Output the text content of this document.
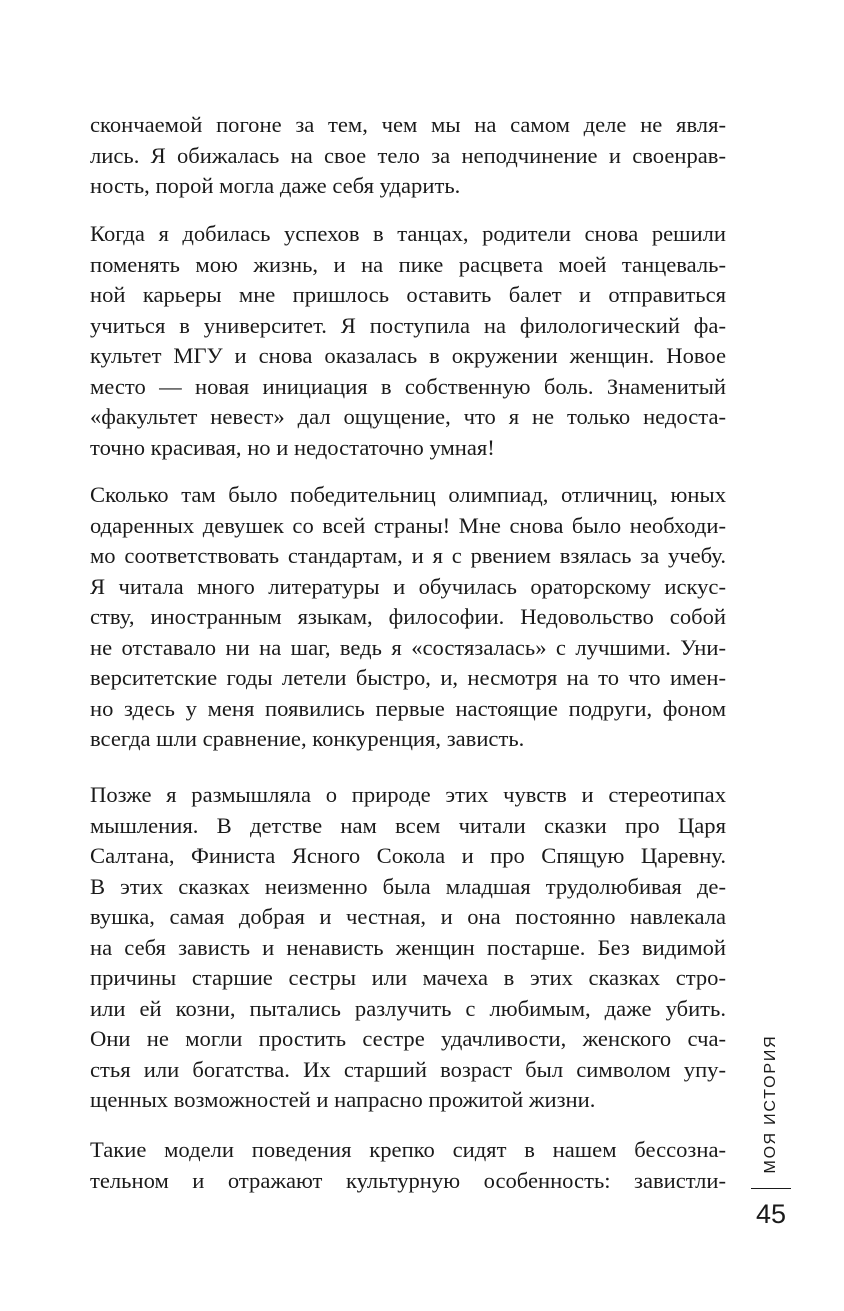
скончаемой погоне за тем, чем мы на самом деле не явля-
лись. Я обижалась на свое тело за неподчинение и своенрав-
ность, порой могла даже себя ударить.
Когда я добилась успехов в танцах, родители снова решили
поменять мою жизнь, и на пике расцвета моей танцеваль-
ной карьеры мне пришлось оставить балет и отправиться
учиться в университет. Я поступила на филологический фа-
культет МГУ и снова оказалась в окружении женщин. Новое
место — новая инициация в собственную боль. Знаменитый
«факультет невест» дал ощущение, что я не только недоста-
точно красивая, но и недостаточно умная!
Сколько там было победительниц олимпиад, отличниц, юных
одаренных девушек со всей страны! Мне снова было необходи-
мо соответствовать стандартам, и я с рвением взялась за учебу.
Я читала много литературы и обучилась ораторскому искус-
ству, иностранным языкам, философии. Недовольство собой
не отставало ни на шаг, ведь я «состязалась» с лучшими. Уни-
верситетские годы летели быстро, и, несмотря на то что имен-
но здесь у меня появились первые настоящие подруги, фоном
всегда шли сравнение, конкуренция, зависть.
Позже я размышляла о природе этих чувств и стереотипах
мышления. В детстве нам всем читали сказки про Царя
Салтана, Финиста Ясного Сокола и про Спящую Царевну.
В этих сказках неизменно была младшая трудолюбивая де-
вушка, самая добрая и честная, и она постоянно навлекала
на себя зависть и ненависть женщин постарше. Без видимой
причины старшие сестры или мачеха в этих сказках стро-
или ей козни, пытались разлучить с любимым, даже убить.
Они не могли простить сестре удачливости, женского сча-
стья или богатства. Их старший возраст был символом упу-
щенных возможностей и напрасно прожитой жизни.
Такие модели поведения крепко сидят в нашем бессозна-
тельном и отражают культурную особенность: завистли-
МОЯ ИСТОРИЯ
45
